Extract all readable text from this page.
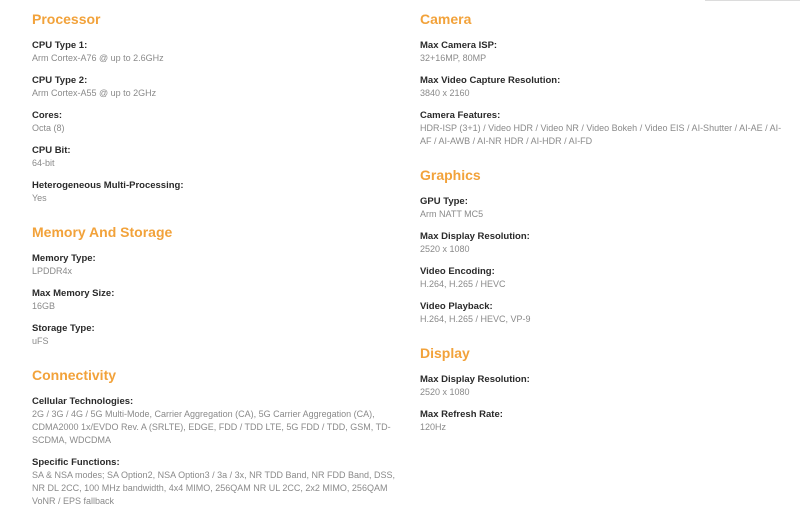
Processor
CPU Type 1:
Arm Cortex-A76 @ up to 2.6GHz
CPU Type 2:
Arm Cortex-A55 @ up to 2GHz
Cores:
Octa (8)
CPU Bit:
64-bit
Heterogeneous Multi-Processing:
Yes
Memory And Storage
Memory Type:
LPDDR4x
Max Memory Size:
16GB
Storage Type:
uFS
Connectivity
Cellular Technologies:
2G / 3G / 4G / 5G Multi-Mode, Carrier Aggregation (CA), 5G Carrier Aggregation (CA), CDMA2000 1x/EVDO Rev. A (SRLTE), EDGE, FDD / TDD LTE, 5G FDD / TDD, GSM, TD-SCDMA, WDCDMA
Specific Functions:
SA & NSA modes; SA Option2, NSA Option3 / 3a / 3x, NR TDD Band, NR FDD Band, DSS, NR DL 2CC, 100 MHz bandwidth, 4x4 MIMO, 256QAM NR UL 2CC, 2x2 MIMO, 256QAM VoNR / EPS fallback
Camera
Max Camera ISP:
32+16MP, 80MP
Max Video Capture Resolution:
3840 x 2160
Camera Features:
HDR-ISP (3+1) / Video HDR / Video NR / Video Bokeh / Video EIS / AI-Shutter / AI-AE / AI-AF / AI-AWB / AI-NR HDR / AI-HDR / AI-FD
Graphics
GPU Type:
Arm NATT MC5
Max Display Resolution:
2520 x 1080
Video Encoding:
H.264, H.265 / HEVC
Video Playback:
H.264, H.265 / HEVC, VP-9
Display
Max Display Resolution:
2520 x 1080
Max Refresh Rate:
120Hz
